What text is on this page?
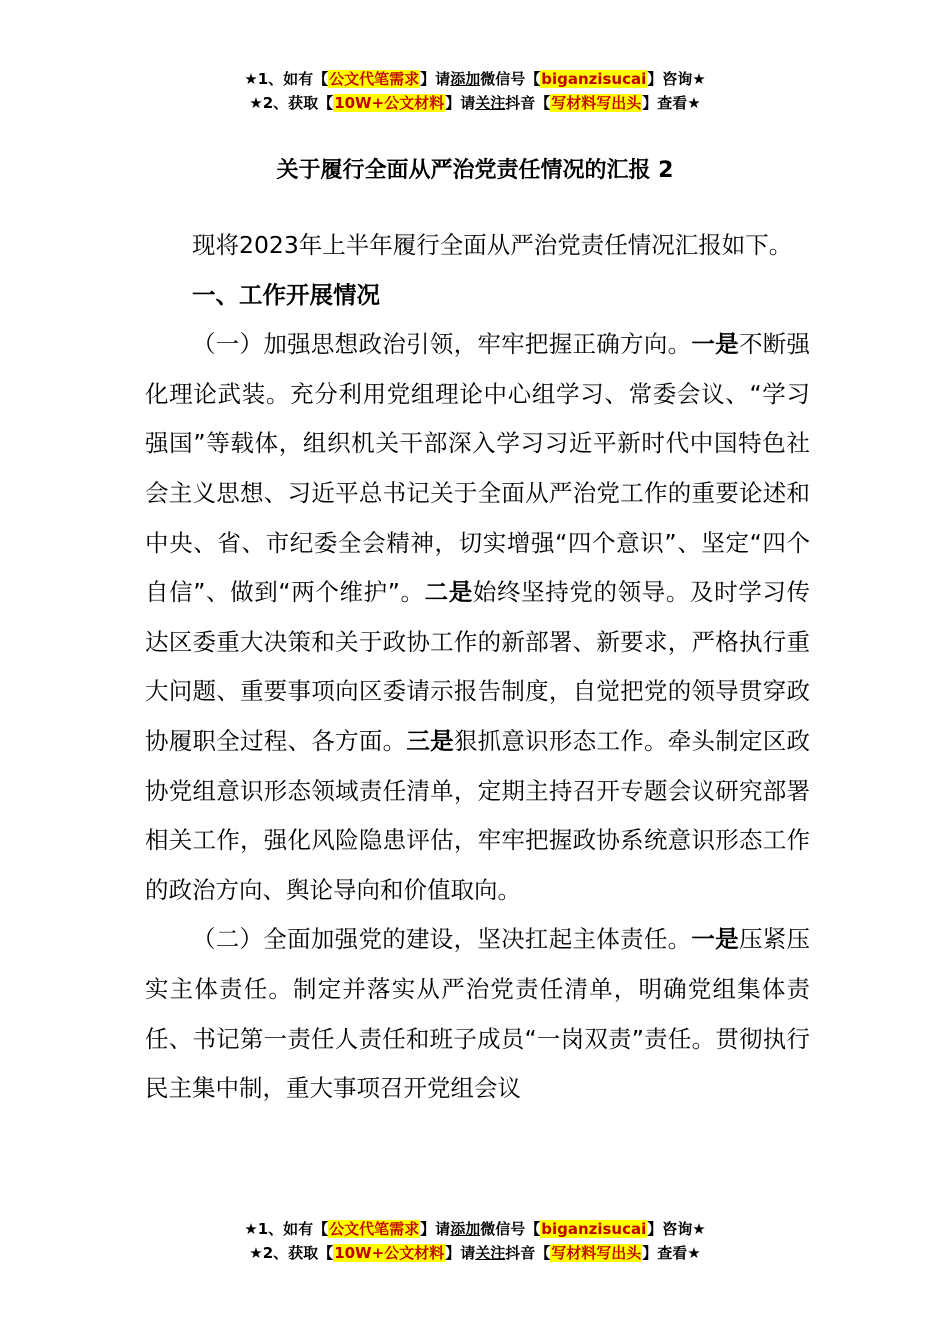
★1、如有【公文代笔需求】请添加微信号【biganzisucai】咨询★
★2、获取【10W+公文材料】请关注抖音【写材料写出头】查看★
关于履行全面从严治党责任情况的汇报 2

现将2023年上半年履行全面从严治党责任情况汇报如下。

一、工作开展情况

（一）加强思想政治引领，牢牢把握正确方向。一是不断强化理论武装。充分利用党组理论中心组学习、常委会议、“学习强国”等载体，组织机关干部深入学习习近平新时代中国特色社会主义思想、习近平总书记关于全面从严治党工作的重要论述和中央、省、市纪委全会精神，切实增强“四个意识”、坚定“四个自信”、做到“两个维护”。二是始终坚持党的领导。及时学习传达区委重大决策和关于政协工作的新部署、新要求，严格执行重大问题、重要事项向区委请示报告制度，自觉把党的领导贯穿政协履职全过程、各方面。三是狠抓意识形态工作。牵头制定区政协党组意识形态领域责任清单，定期主持召开专题会议研究部署相关工作，强化风险隐患评估，牢牢把握政协系统意识形态工作的政治方向、舆论导向和价值取向。

（二）全面加强党的建设，坚决扛起主体责任。一是压紧压实主体责任。制定并落实从严治党责任清单，明确党组集体责任、书记第一责任人责任和班子成员“一岗双责”责任。贯彻执行民主集中制，重大事项召开党组会议

★1、如有【公文代笔需求】请添加微信号【biganzisucai】咨询★
★2、获取【10W+公文材料】请关注抖音【写材料写出头】查看★
